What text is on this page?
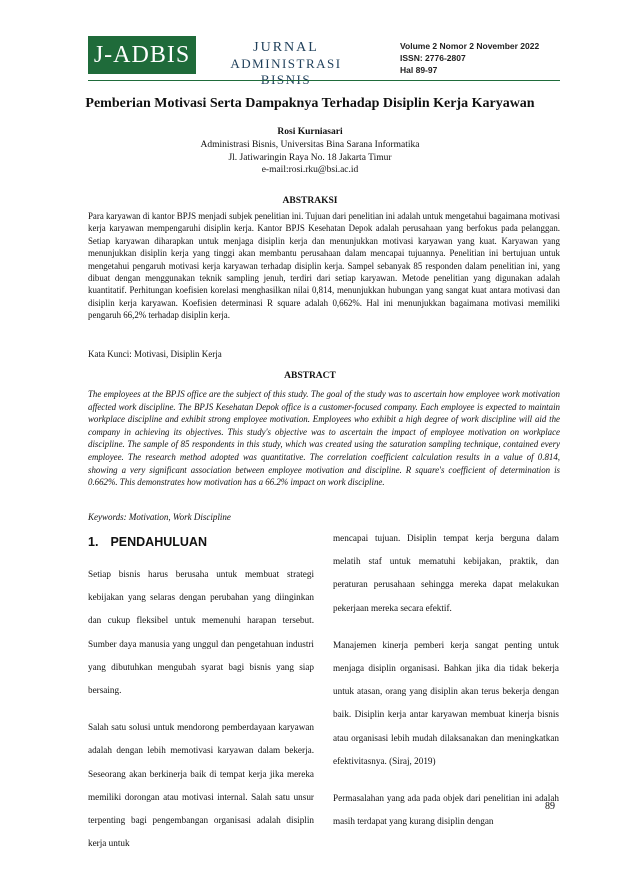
J-ADBIS	JURNAL
ADMINISTRASI BISNIS
Volume 2 Nomor 2 November 2022
ISSN: 2776-2807
Hal 89-97
Pemberian Motivasi Serta Dampaknya Terhadap Disiplin Kerja Karyawan
Rosi Kurniasari
Administrasi Bisnis, Universitas Bina Sarana Informatika
Jl. Jatiwaringin Raya No. 18 Jakarta Timur
e-mail:rosi.rku@bsi.ac.id
ABSTRAKSI

Para karyawan di kantor BPJS menjadi subjek penelitian ini. Tujuan dari penelitian ini adalah untuk mengetahui bagaimana motivasi kerja karyawan mempengaruhi disiplin kerja. Kantor BPJS Kesehatan Depok adalah perusahaan yang berfokus pada pelanggan. Setiap karyawan diharapkan untuk menjaga disiplin kerja dan menunjukkan motivasi karyawan yang kuat. Karyawan yang menunjukkan disiplin kerja yang tinggi akan membantu perusahaan dalam mencapai tujuannya. Penelitian ini bertujuan untuk mengetahui pengaruh motivasi kerja karyawan terhadap disiplin kerja. Sampel sebanyak 85 responden dalam penelitian ini, yang dibuat dengan menggunakan teknik sampling jenuh, terdiri dari setiap karyawan. Metode penelitian yang digunakan adalah kuantitatif. Perhitungan koefisien korelasi menghasilkan nilai 0,814, menunjukkan hubungan yang sangat kuat antara motivasi dan disiplin kerja karyawan. Koefisien determinasi R square adalah 0,662%. Hal ini menunjukkan bagaimana motivasi memiliki pengaruh 66,2% terhadap disiplin kerja.

Kata Kunci: Motivasi, Disiplin Kerja
ABSTRACT

The employees at the BPJS office are the subject of this study. The goal of the study was to ascertain how employee work motivation affected work discipline. The BPJS Kesehatan Depok office is a customer-focused company. Each employee is expected to maintain workplace discipline and exhibit strong employee motivation. Employees who exhibit a high degree of work discipline will aid the company in achieving its objectives. This study's objective was to ascertain the impact of employee motivation on workplace discipline. The sample of 85 respondents in this study, which was created using the saturation sampling technique, contained every employee. The research method adopted was quantitative. The correlation coefficient calculation results in a value of 0.814, showing a very significant association between employee motivation and discipline. R square's coefficient of determination is 0.662%. This demonstrates how motivation has a 66.2% impact on work discipline.

Keywords: Motivation, Work Discipline
1. PENDAHULUAN

Setiap bisnis harus berusaha untuk membuat strategi kebijakan yang selaras dengan perubahan yang diinginkan dan cukup fleksibel untuk memenuhi harapan tersebut. Sumber daya manusia yang unggul dan pengetahuan industri yang dibutuhkan mengubah syarat bagi bisnis yang siap bersaing.

Salah satu solusi untuk mendorong pemberdayaan karyawan adalah dengan lebih memotivasi karyawan dalam bekerja. Seseorang akan berkinerja baik di tempat kerja jika mereka memiliki dorongan atau motivasi internal. Salah satu unsur terpenting bagi pengembangan organisasi adalah disiplin kerja untuk

mencapai tujuan. Disiplin tempat kerja berguna dalam melatih staf untuk mematuhi kebijakan, praktik, dan peraturan perusahaan sehingga mereka dapat melakukan pekerjaan mereka secara efektif.

Manajemen kinerja pemberi kerja sangat penting untuk menjaga disiplin organisasi. Bahkan jika dia tidak bekerja untuk atasan, orang yang disiplin akan terus bekerja dengan baik. Disiplin kerja antar karyawan membuat kinerja bisnis atau organisasi lebih mudah dilaksanakan dan meningkatkan efektivitasnya. (Siraj, 2019)

Permasalahan yang ada pada objek dari penelitian ini adalah masih terdapat yang kurang disiplin dengan

89
